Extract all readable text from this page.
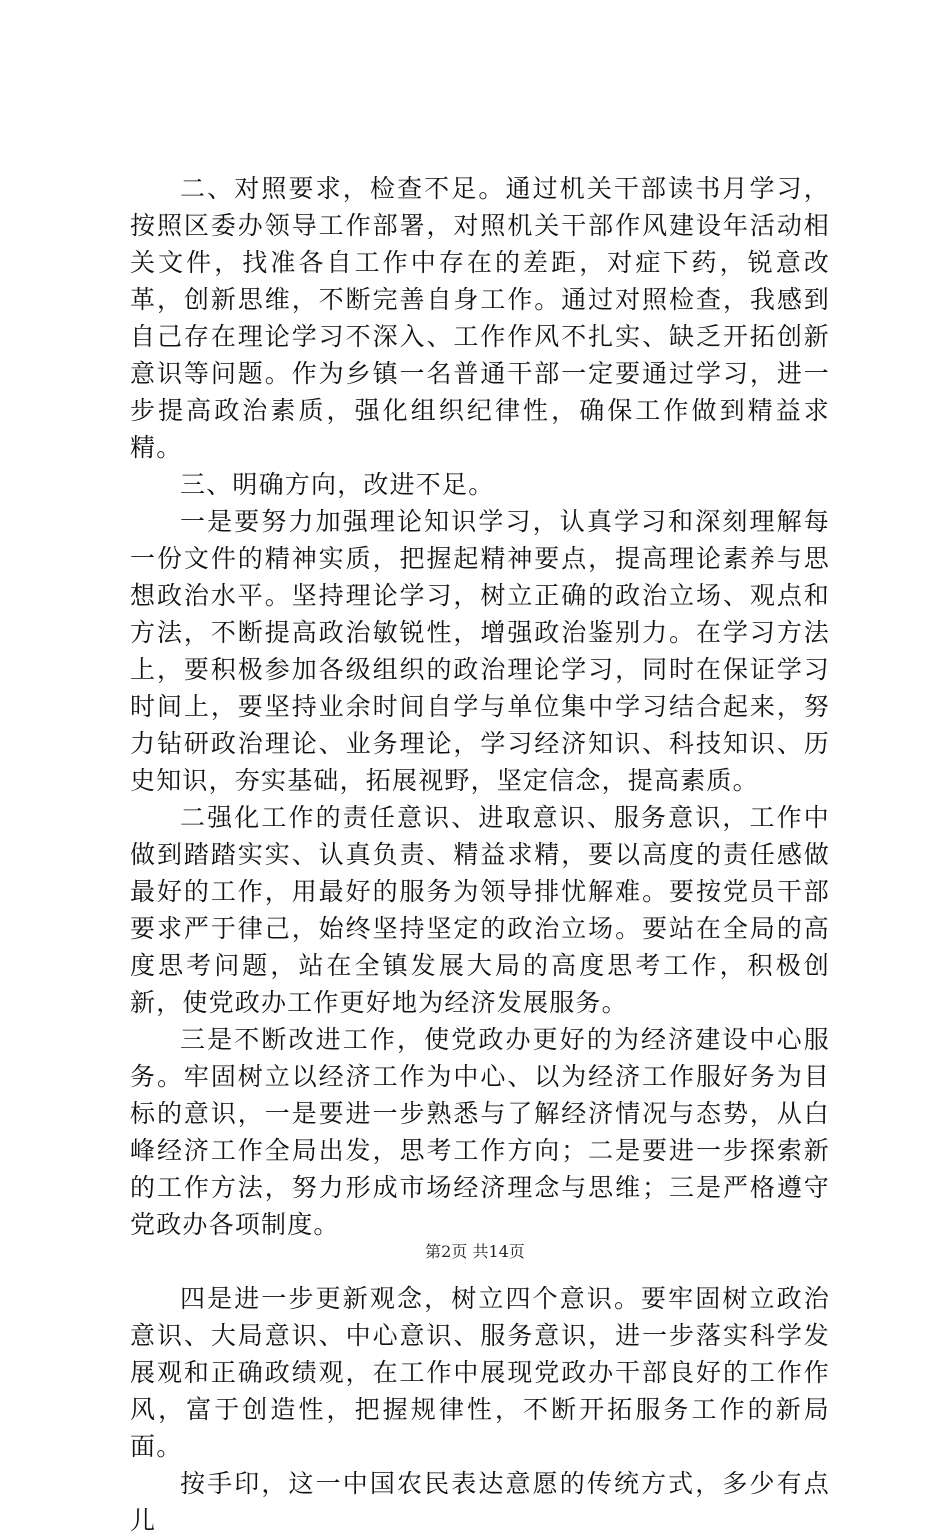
二、对照要求，检查不足。通过机关干部读书月学习，按照区委办领导工作部署，对照机关干部作风建设年活动相关文件，找准各自工作中存在的差距，对症下药，锐意改革，创新思维，不断完善自身工作。通过对照检查，我感到自己存在理论学习不深入、工作作风不扎实、缺乏开拓创新意识等问题。作为乡镇一名普通干部一定要通过学习，进一步提高政治素质，强化组织纪律性，确保工作做到精益求精。

三、明确方向，改进不足。

一是要努力加强理论知识学习，认真学习和深刻理解每一份文件的精神实质，把握起精神要点，提高理论素养与思想政治水平。坚持理论学习，树立正确的政治立场、观点和方法，不断提高政治敏锐性，增强政治鉴别力。在学习方法上，要积极参加各级组织的政治理论学习，同时在保证学习时间上，要坚持业余时间自学与单位集中学习结合起来，努力钻研政治理论、业务理论，学习经济知识、科技知识、历史知识，夯实基础，拓展视野，坚定信念，提高素质。

二强化工作的责任意识、进取意识、服务意识，工作中做到踏踏实实、认真负责、精益求精，要以高度的责任感做最好的工作，用最好的服务为领导排忧解难。要按党员干部要求严于律己，始终坚持坚定的政治立场。要站在全局的高度思考问题，站在全镇发展大局的高度思考工作，积极创新，使党政办工作更好地为经济发展服务。

三是不断改进工作，使党政办更好的为经济建设中心服务。牢固树立以经济工作为中心、以为经济工作服好务为目标的意识，一是要进一步熟悉与了解经济情况与态势，从白峰经济工作全局出发，思考工作方向；二是要进一步探索新的工作方法，努力形成市场经济理念与思维；三是严格遵守党政办各项制度。

四是进一步更新观念，树立四个意识。要牢固树立政治意识、大局意识、中心意识、服务意识，进一步落实科学发展观和正确政绩观，在工作中展现党政办干部良好的工作作风，富于创造性，把握规律性，不断开拓服务工作的新局面。

按手印，这一中国农民表达意愿的传统方式，多少有点儿

第2页 共14页
